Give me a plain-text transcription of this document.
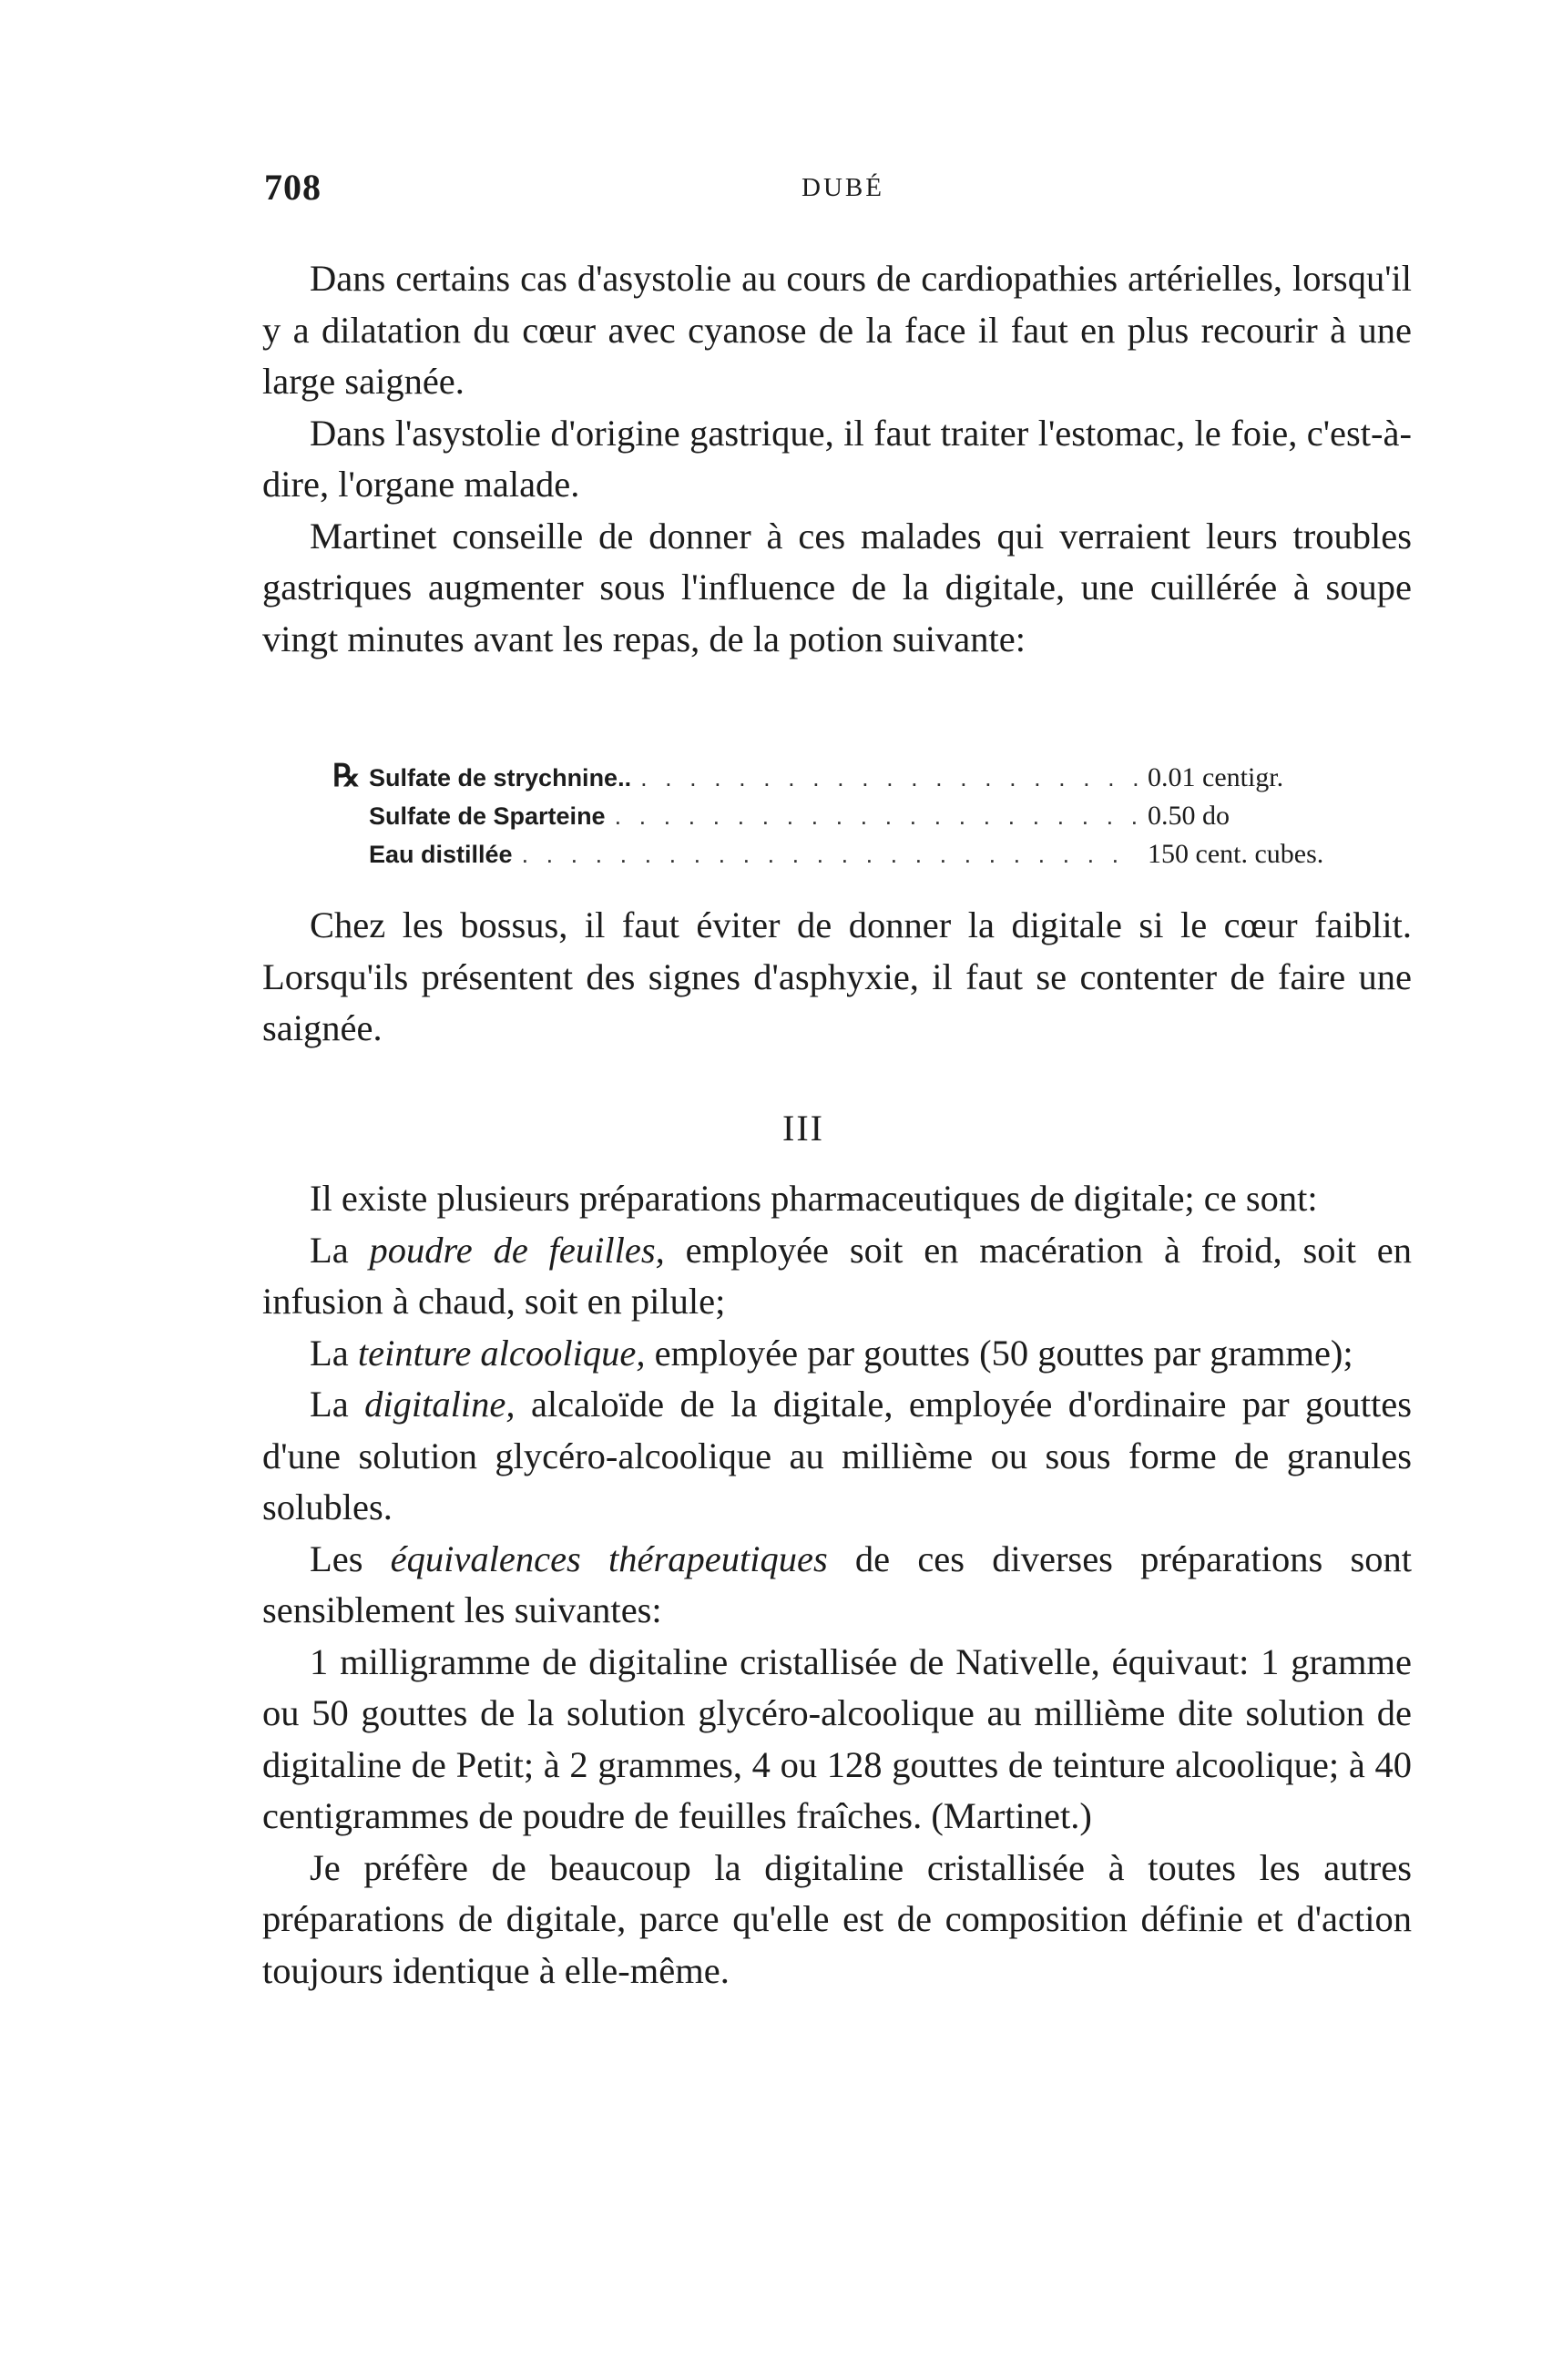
708	DUBÉ

Dans certains cas d'asystolie au cours de cardiopathies artérielles, lorsqu'il y a dilatation du cœur avec cyanose de la face il faut en plus recourir à une large saignée.

Dans l'asystolie d'origine gastrique, il faut traiter l'estomac, le foie, c'est-à-dire, l'organe malade.

Martinet conseille de donner à ces malades qui verraient leurs troubles gastriques augmenter sous l'influence de la digitale, une cuillérée à soupe vingt minutes avant les repas, de la potion suivante:

℞ Sulfate de strychnine.. . . .	0.01 centigr.
Sulfate de Sparteine . . .	0.50 do
Eau distillée . . .	150 cent. cubes.

Chez les bossus, il faut éviter de donner la digitale si le cœur faiblit. Lorsqu'ils présentent des signes d'asphyxie, il faut se contenter de faire une saignée.

III

Il existe plusieurs préparations pharmaceutiques de digitale; ce sont:

La poudre de feuilles, employée soit en macération à froid, soit en infusion à chaud, soit en pilule;

La teinture alcoolique, employée par gouttes (50 gouttes par gramme);

La digitaline, alcaloïde de la digitale, employée d'ordinaire par gouttes d'une solution glycéro-alcoolique au millième ou sous forme de granules solubles.

Les équivalences thérapeutiques de ces diverses préparations sont sensiblement les suivantes:

1 milligramme de digitaline cristallisée de Nativelle, équivaut: 1 gramme ou 50 gouttes de la solution glycéro-alcoolique au millième dite solution de digitaline de Petit; à 2 grammes, 4 ou 128 gouttes de teinture alcoolique; à 40 centigrammes de poudre de feuilles fraîches. (Martinet.)

Je préfère de beaucoup la digitaline cristallisée à toutes les autres préparations de digitale, parce qu'elle est de composition définie et d'action toujours identique à elle-même.
